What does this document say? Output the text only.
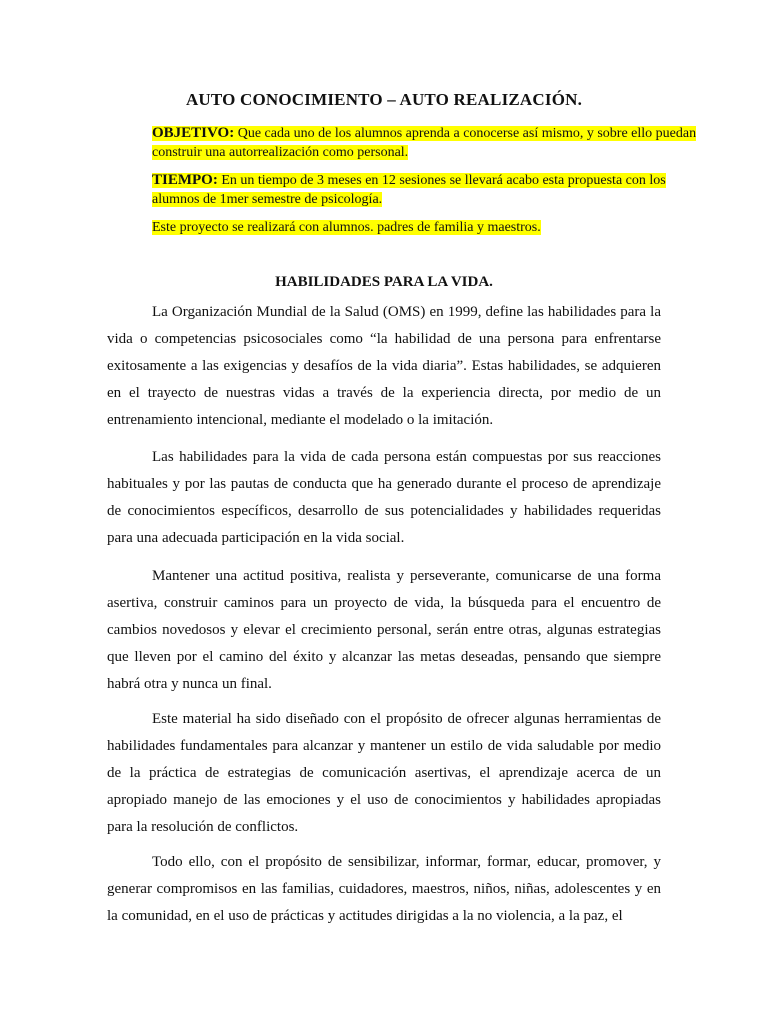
AUTO CONOCIMIENTO – AUTO REALIZACIÓN.
OBJETIVO: Que cada uno de los alumnos aprenda a conocerse así mismo, y sobre ello puedan construir una autorrealización como personal.
TIEMPO: En un tiempo de 3 meses en 12 sesiones se llevará acabo esta propuesta con los alumnos de 1mer semestre de psicología.
Este proyecto se realizará con alumnos. padres de familia y maestros.
HABILIDADES PARA LA VIDA.

La Organización Mundial de la Salud (OMS) en 1999, define las habilidades para la vida o competencias psicosociales como “la habilidad de una persona para enfrentarse exitosamente a las exigencias y desafíos de la vida diaria”. Estas habilidades, se adquieren en el trayecto de nuestras vidas a través de la experiencia directa, por medio de un entrenamiento intencional, mediante el modelado o la imitación.

Las habilidades para la vida de cada persona están compuestas por sus reacciones habituales y por las pautas de conducta que ha generado durante el proceso de aprendizaje de conocimientos específicos, desarrollo de sus potencialidades y habilidades requeridas para una adecuada participación en la vida social.

Mantener una actitud positiva, realista y perseverante, comunicarse de una forma asertiva, construir caminos para un proyecto de vida, la búsqueda para el encuentro de cambios novedosos y elevar el crecimiento personal, serán entre otras, algunas estrategias que lleven por el camino del éxito y alcanzar las metas deseadas, pensando que siempre habrá otra y nunca un final.

Este material ha sido diseñado con el propósito de ofrecer algunas herramientas de habilidades fundamentales para alcanzar y mantener un estilo de vida saludable por medio de la práctica de estrategias de comunicación asertivas, el aprendizaje acerca de un apropiado manejo de las emociones y el uso de conocimientos y habilidades apropiadas para la resolución de conflictos.

Todo ello, con el propósito de sensibilizar, informar, formar, educar, promover, y generar compromisos en las familias, cuidadores, maestros, niños, niñas, adolescentes y en la comunidad, en el uso de prácticas y actitudes dirigidas a la no violencia, a la paz, el
